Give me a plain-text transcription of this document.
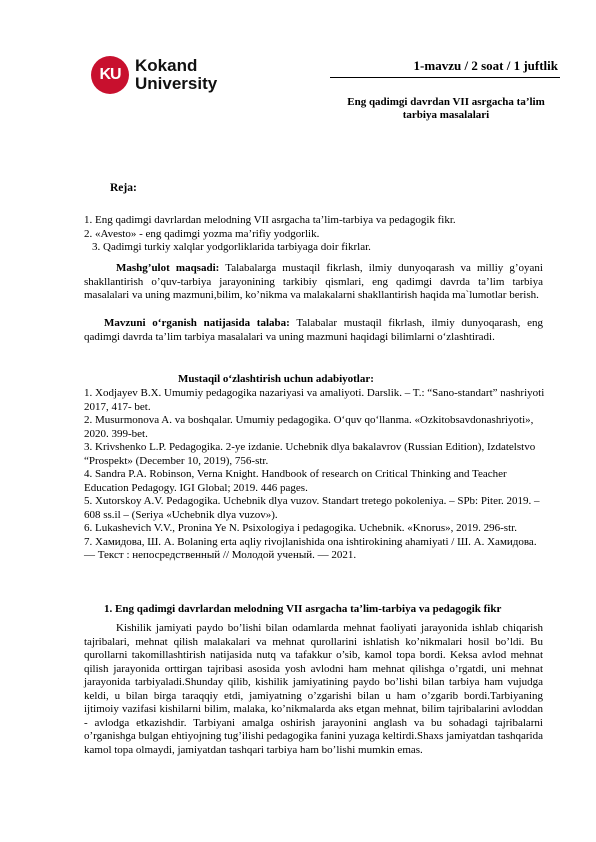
KU Kokand
University
1-mavzu / 2 soat / 1 juftlik
Eng qadimgi davrdan VII asrgacha ta’lim tarbiya masalalari
Reja:
1. Eng qadimgi davrlardan melodning VII asrgacha ta’lim-tarbiya va pedagogik fikr.
2. «Avesto» - eng qadimgi yozma ma’rifiy yodgorlik.
3. Qadimgi turkiy xalqlar yodgorliklarida tarbiyaga doir fikrlar.
Mashg’ulot maqsadi: Talabalarga mustaqil fikrlash, ilmiy dunyoqarash va milliy g’oyani shakllantirish o’quv-tarbiya jarayonining tarkibiy qismlari, eng qadimgi davrda ta’lim tarbiya masalalari va uning mazmuni,bilim, ko’nikma va malakalarni shakllantirish haqida ma`lumotlar berish.
Mavzuni o‘rganish natijasida talaba: Talabalar mustaqil fikrlash, ilmiy dunyoqarash, eng qadimgi davrda ta’lim tarbiya masalalari va uning mazmuni haqidagi bilimlarni o‘zlashtiradi.
Mustaqil o‘zlashtirish uchun adabiyotlar:
1. Xodjayev B.X. Umumiy pedagogika nazariyasi va amaliyoti. Darslik. – T.: “Sano-standart” nashriyoti 2017, 417- bet.
2. Musurmonova A. va boshqalar. Umumiy pedagogika. O‘quv qo‘llanma. «Ozkitobsavdonashriyoti», 2020. 399-bet.
3. Krivshenko L.P. Pedagogika. 2-ye izdanie. Uchebnik dlya bakalavrov (Russian Edition), Izdatelstvo “Prospekt» (December 10, 2019), 756-str.
4. Sandra P.A. Robinson, Verna Knight. Handbook of research on Critical Thinking and Teacher Education Pedagogy. IGI Global; 2019. 446 pages.
5. Xutorskoy A.V. Pedagogika. Uchebnik dlya vuzov. Standart tretego pokoleniya. – SPb: Piter. 2019. – 608 ss.il – (Seriya «Uchebnik dlya vuzov»).
6. Lukashevich V.V., Pronina Ye N. Psixologiya i pedagogika. Uchebnik. «Knorus», 2019. 296-str.
7. Хамидова, Ш. А. Bolaning erta aqliy rivojlanishida ona ishtirokining ahamiyati / Ш. А. Хамидова. — Текст : непосредственный // Молодой ученый. — 2021.
1. Eng qadimgi davrlardan melodning VII asrgacha ta’lim-tarbiya va pedagogik fikr
Kishilik jamiyati paydo bo’lishi bilan odamlarda mehnat faoliyati jarayonida ishlab chiqarish tajribalari, mehnat qilish malakalari va mehnat qurollarini ishlatish ko’nikmalari hosil bo’ldi. Bu qurollarni takomillashtirish natijasida nutq va tafakkur o’sib, kamol topa bordi. Keksa avlod mehnat qilish jarayonida orttirgan tajribasi asosida yosh avlodni ham mehnat qilishga o’rgatdi, uni mehnat jarayonida tarbiyaladi.Shunday qilib, kishilik jamiyatining paydo bo’lishi bilan tarbiya ham vujudga keldi, u bilan birga taraqqiy etdi, jamiyatning o’zgarishi bilan u ham o’zgarib bordi.Tarbiyaning ijtimoiy vazifasi kishilarni bilim, malaka, ko’nikmalarda aks etgan mehnat, bilim tajribalarini avloddan - avlodga etkazishdir. Tarbiyani amalga oshirish jarayonini anglash va bu sohadagi tajribalarni o’rganishga bulgan ehtiyojning tug’ilishi pedagogika fanini yuzaga keltirdi.Shaxs jamiyatdan tashqarida kamol topa olmaydi, jamiyatdan tashqari tarbiya ham bo’lishi mumkin emas.
